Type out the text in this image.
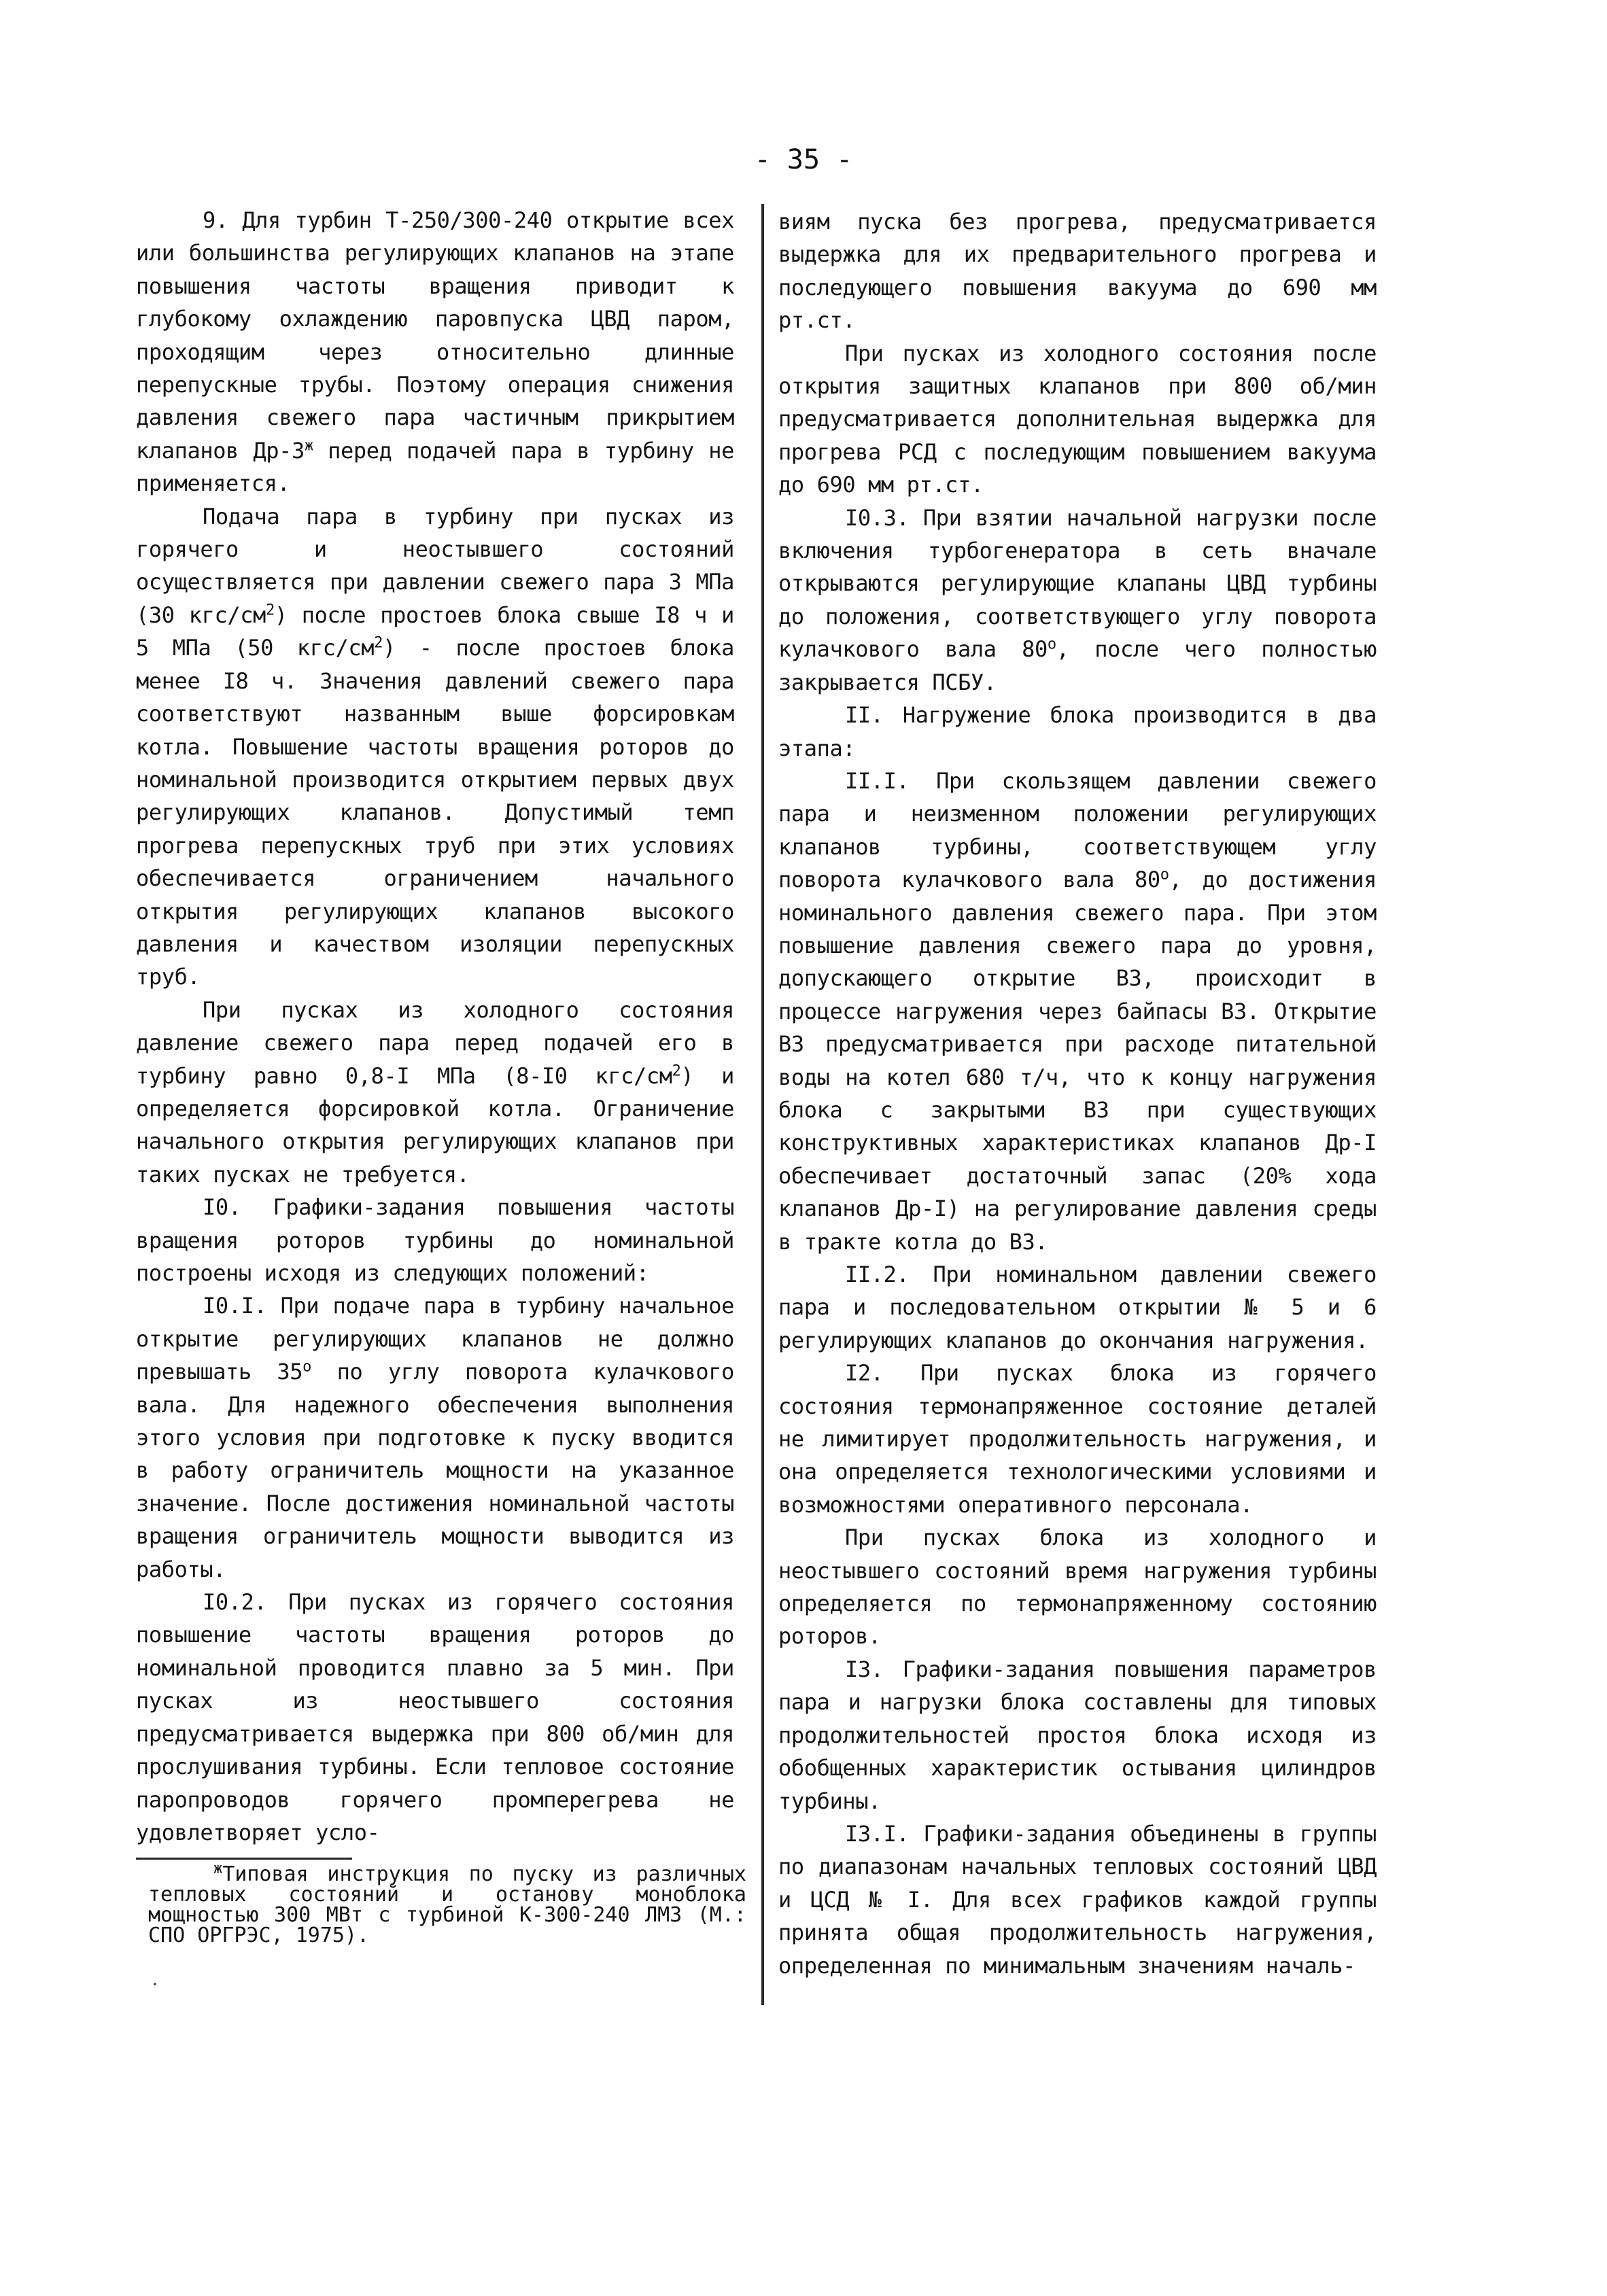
- 35 -

9. Для турбин Т-250/300-240 открытие всех или большинства регулирующих клапанов на этапе повышения частоты вращения приводит к глубокому охлаждению паровпуска ЦВД паром, проходящим через относительно длинные перепускные трубы. Поэтому операция снижения давления свежего пара частичным прикрытием клапанов $Др-3^ж$ перед подачей пара в турбину не применяется.

Подача пара в турбину при пусках из горячего и неостывшего состояний осуществляется при давлении свежего пара 3 МПа (30 кгс/$см^2$) после простоев блока свыше I8 ч и 5 МПа (50 кгс/$см^2$) - после простоев блока менее I8 ч. Значения давлений свежего пара соответствуют названным выше форсировкам котла. Повышение частоты вращения роторов до номинальной производится открытием первых двух регулирующих клапанов. Допустимый темп прогрева перепускных труб при этих условиях обеспечивается ограничением начального открытия регулирующих клапанов высокого давления и качеством изоляции перепускных труб.

При пусках из холодного состояния давление свежего пара перед подачей его в турбину равно 0,8-I МПа (8-I0 кгс/$см^2$) и определяется форсировкой котла. Ограничение начального открытия регулирующих клапанов при таких пусках не требуется.

I0. Графики-задания повышения частоты вращения роторов турбины до номинальной построены исходя из следующих положений:

I0.I. При подаче пара в турбину начальное открытие регулирующих клапанов не должно превышать $35^о$ по углу поворота кулачкового вала. Для надежного обеспечения выполнения этого условия при подготовке к пуску вводится в работу ограничитель мощности на указанное значение. После достижения номинальной частоты вращения ограничитель мощности выводится из работы.

I0.2. При пусках из горячего состояния повышение частоты вращения роторов до номинальной проводится плавно за 5 мин. При пусках из неостывшего состояния предусматривается выдержка при 800 об/мин для прослушивания турбины. Если тепловое состояние паропроводов горячего промперегрева не удовлетворяет усло-

виям пуска без прогрева, предусматривается выдержка для их предварительного прогрева и последующего повышения вакуума до 690 мм рт.ст.

При пусках из холодного состояния после открытия защитных клапанов при 800 об/мин предусматривается дополнительная выдержка для прогрева РСД с последующим повышением вакуума до 690 мм рт.ст.

I0.3. При взятии начальной нагрузки после включения турбогенератора в сеть вначале открываются регулирующие клапаны ЦВД турбины до положения, соответствующего углу поворота кулачкового вала $80^о$, после чего полностью закрывается ПСБУ.

II. Нагружение блока производится в два этапа:

II.I. При скользящем давлении свежего пара и неизменном положении регулирующих клапанов турбины, соответствующем углу поворота кулачкового вала $80^о$, до достижения номинального давления свежего пара. При этом повышение давления свежего пара до уровня, допускающего открытие ВЗ, происходит в процессе нагружения через байпасы ВЗ. Открытие ВЗ предусматривается при расходе питательной воды на котел 680 т/ч, что к концу нагружения блока с закрытыми ВЗ при существующих конструктивных характеристиках клапанов Др-I обеспечивает достаточный запас (20% хода клапанов Др-I) на регулирование давления среды в тракте котла до ВЗ.

II.2. При номинальном давлении свежего пара и последовательном открытии № 5 и 6 регулирующих клапанов до окончания нагружения.

I2. При пусках блока из горячего состояния термонапряженное состояние деталей не лимитирует продолжительность нагружения, и она определяется технологическими условиями и возможностями оперативного персонала.

При пусках блока из холодного и неостывшего состояний время нагружения турбины определяется по термонапряженному состоянию роторов.

I3. Графики-задания повышения параметров пара и нагрузки блока составлены для типовых продолжительностей простоя блока исходя из обобщенных характеристик остывания цилиндров турбины.

I3.I. Графики-задания объединены в группы по диапазонам начальных тепловых состояний ЦВД и ЦСД № I. Для всех графиков каждой группы принята общая продолжительность нагружения, определенная по минимальным значениям началь-

$^ж$Типовая инструкция по пуску из различных тепловых состояний и останову моноблока мощностью 300 МВт с турбиной К-300-240 ЛМЗ (М.: СПО ОРГРЭС, 1975).

·
